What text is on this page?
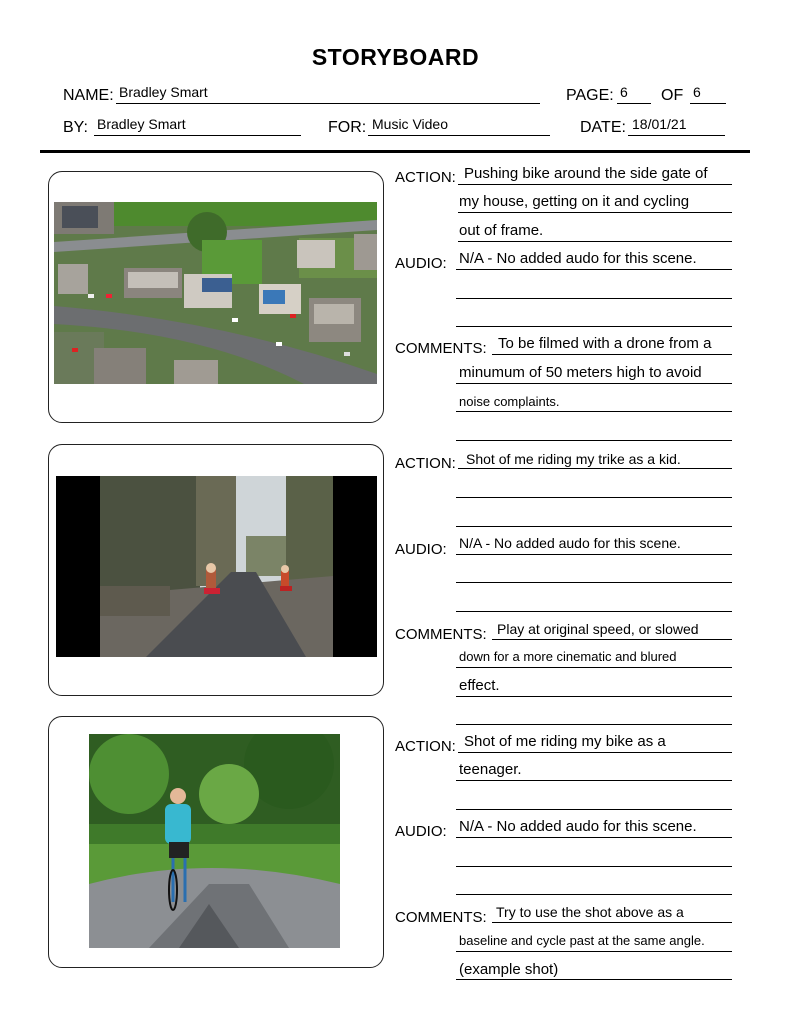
STORYBOARD
NAME: Bradley Smart	PAGE: 6 OF 6
BY: Bradley Smart	FOR: Music Video	DATE: 18/01/21
ACTION: Pushing bike around the side gate of
my house, getting on it and cycling
out of frame.
AUDIO: N/A - No added audo for this scene.
COMMENTS: To be filmed with a drone from a
minumum of 50 meters high to avoid
noise complaints.
ACTION: Shot of me riding my trike as a kid.
AUDIO: N/A - No added audo for this scene.
COMMENTS: Play at original speed, or slowed
down for a more cinematic and blured
effect.
ACTION: Shot of me riding my bike as a
teenager.
AUDIO: N/A - No added audo for this scene.
COMMENTS: Try to use the shot above as a
baseline and cycle past at the same angle.
(example shot)
